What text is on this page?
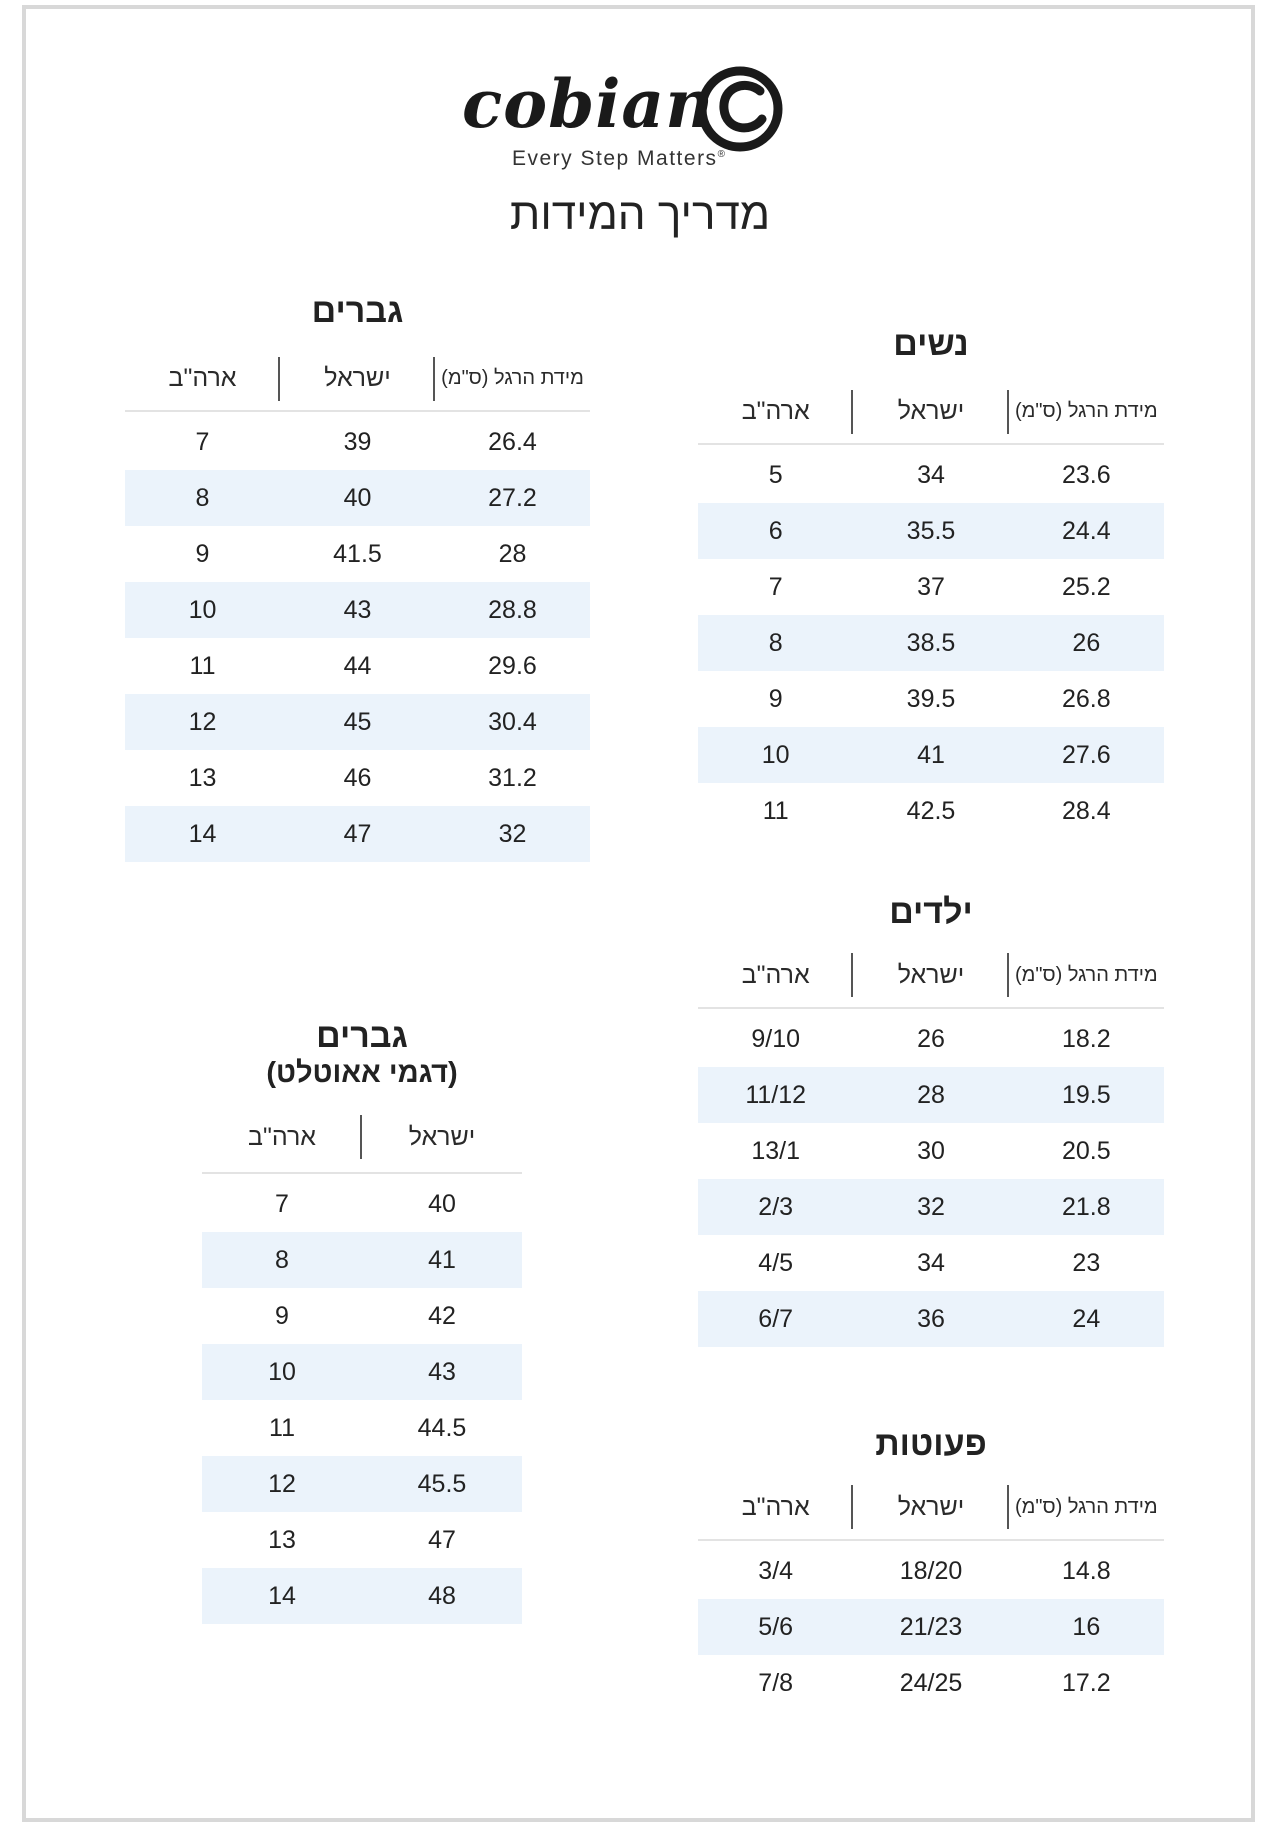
cobian
Every Step Matters®
מדריך המידות
גברים
מידת הרגל (ס"מ)
ישראל
ארה"ב
26.4
39
7
27.2
40
8
28
41.5
9
28.8
43
10
29.6
44
11
30.4
45
12
31.2
46
13
32
47
14
נשים
מידת הרגל (ס"מ)
ישראל
ארה"ב
23.6
34
5
24.4
35.5
6
25.2
37
7
26
38.5
8
26.8
39.5
9
27.6
41
10
28.4
42.5
11
גברים
(דגמי אאוטלט)
ישראל
ארה"ב
40
7
41
8
42
9
43
10
44.5
11
45.5
12
47
13
48
14
ילדים
מידת הרגל (ס"מ)
ישראל
ארה"ב
18.2
26
9/10
19.5
28
11/12
20.5
30
13/1
21.8
32
2/3
23
34
4/5
24
36
6/7
פעוטות
מידת הרגל (ס"מ)
ישראל
ארה"ב
14.8
18/20
3/4
16
21/23
5/6
17.2
24/25
7/8
